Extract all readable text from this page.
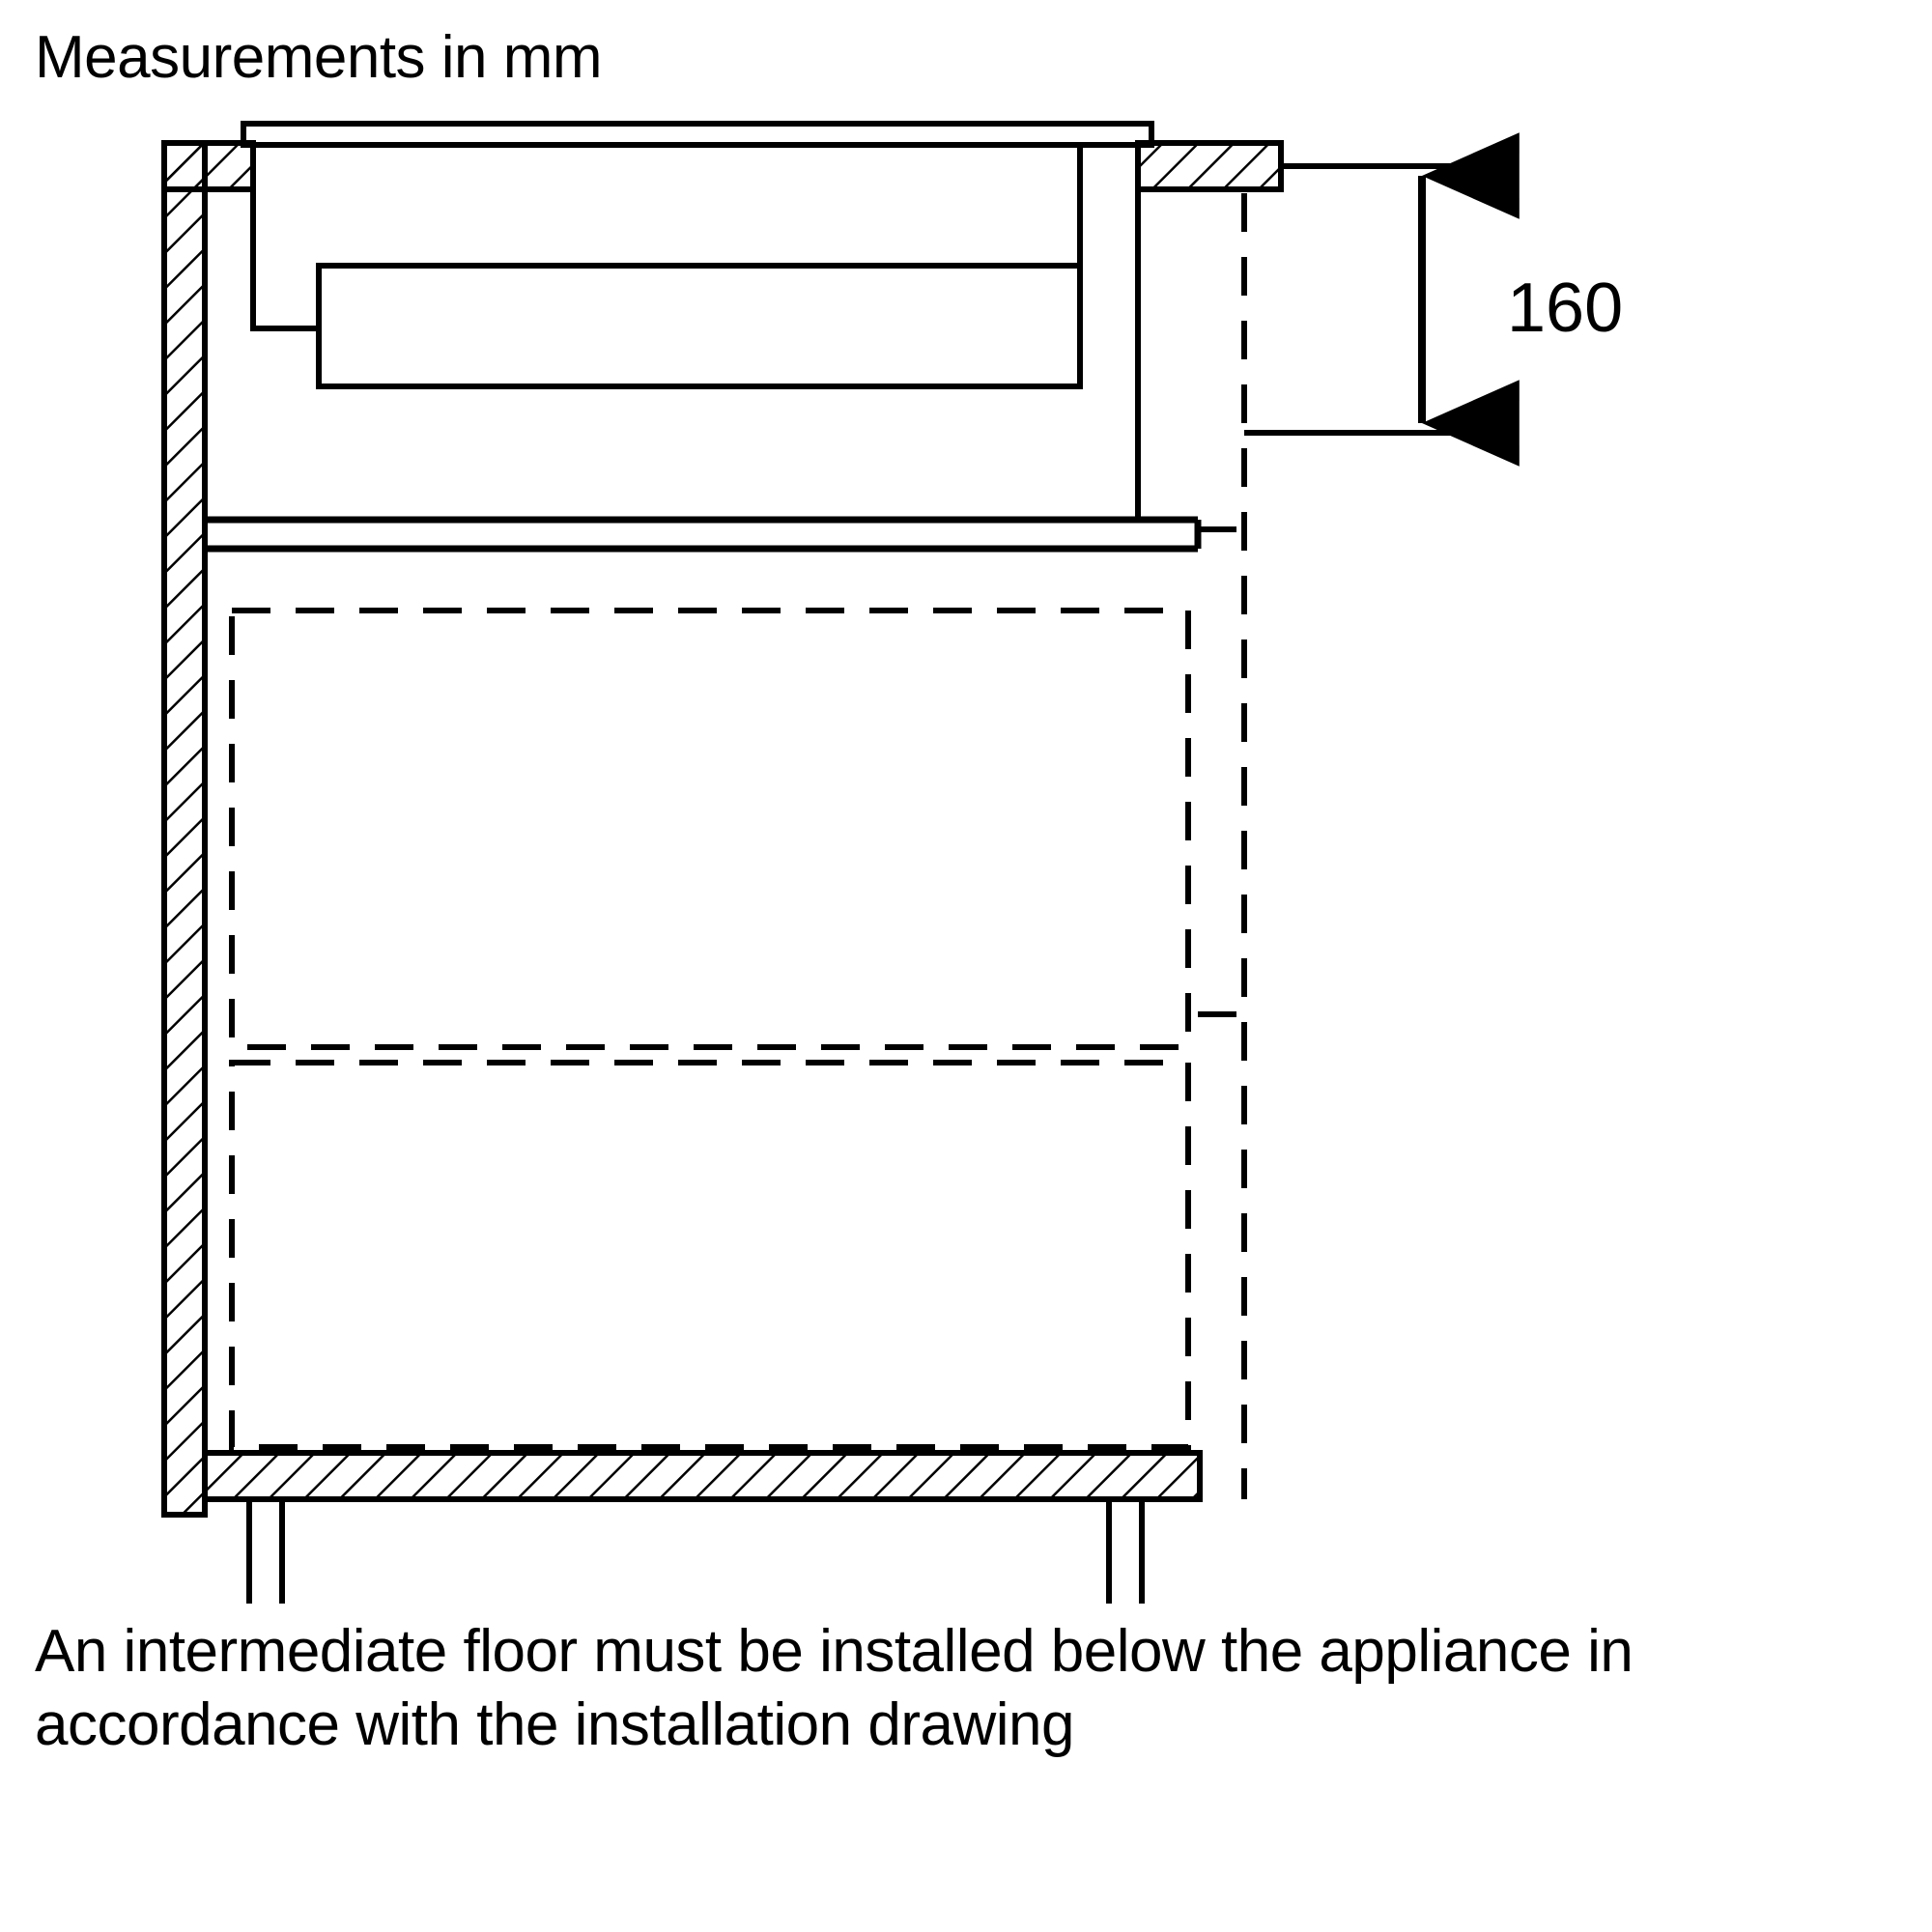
Measurements in mm
160
An intermediate floor must be installed below the appliance in accordance with the installation drawing
